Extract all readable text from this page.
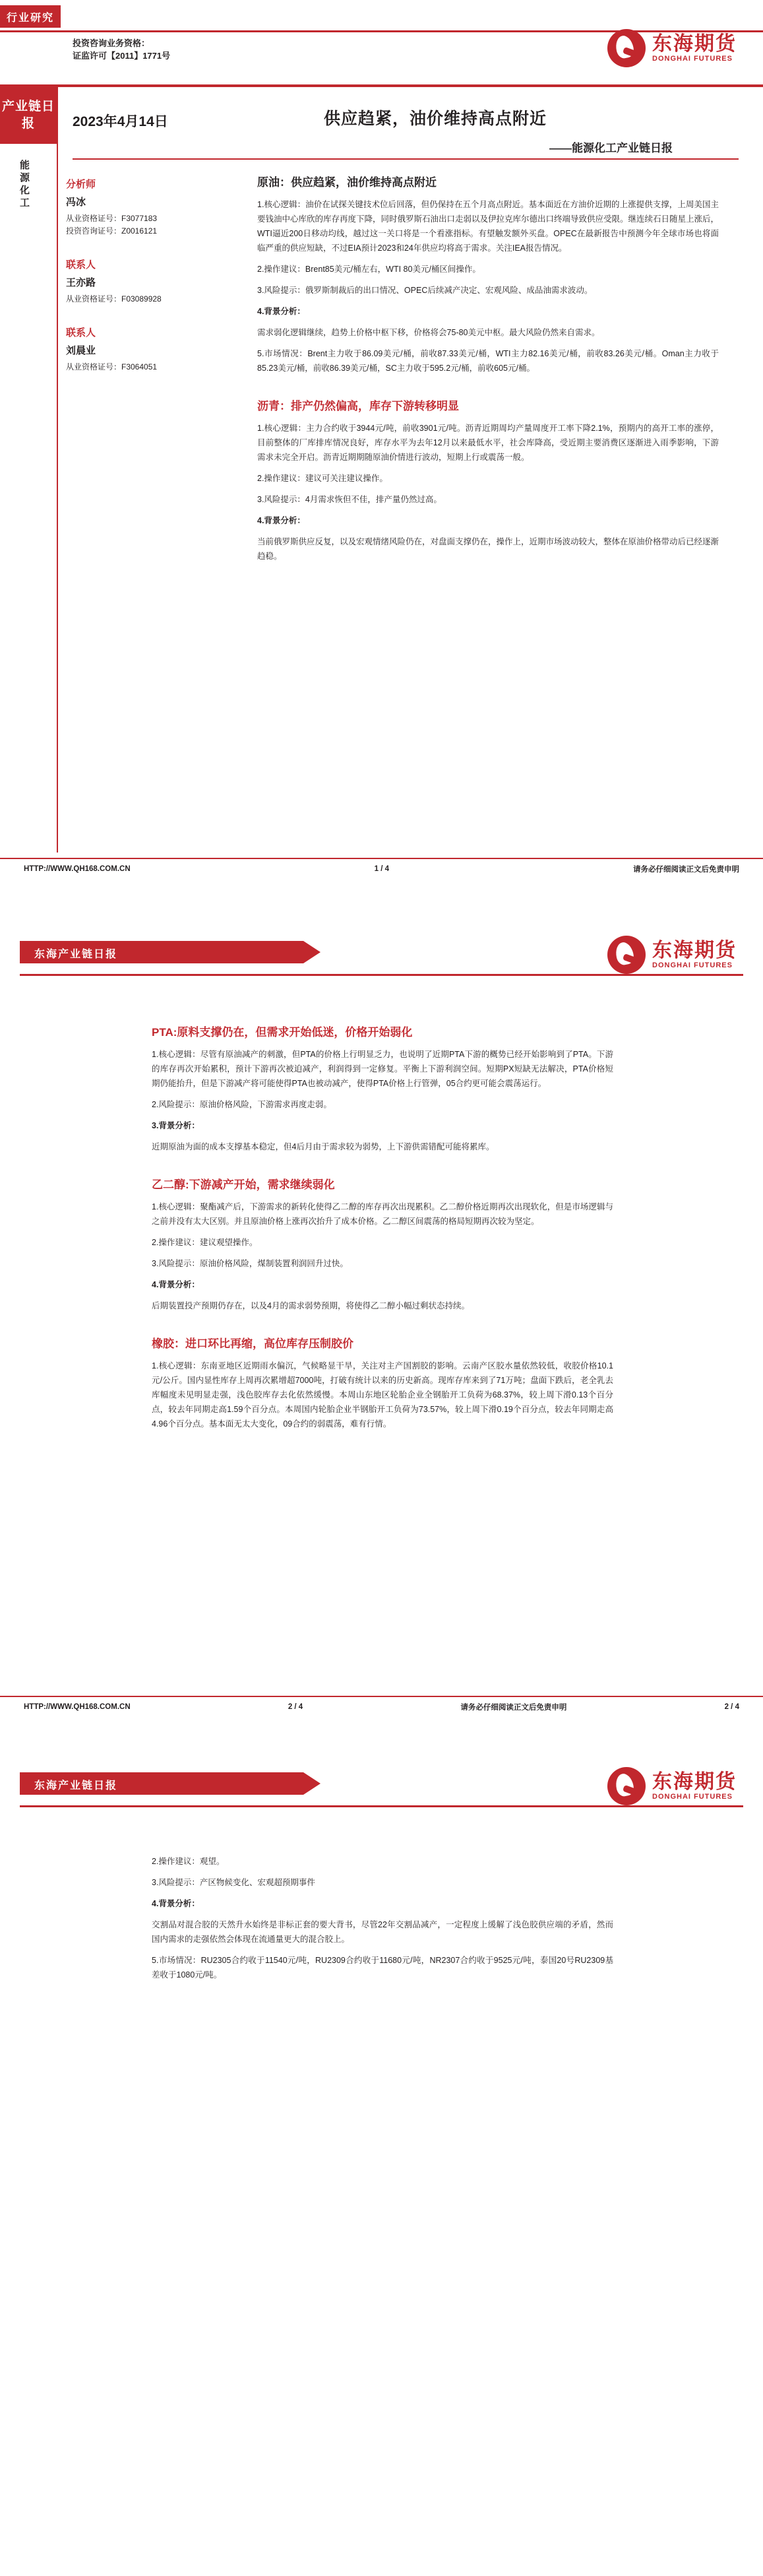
行业研究
投资咨询业务资格：
证监许可【2011】1771号
东海期货
DONGHAI FUTURES
产业链日报
能源化工
2023年4月14日	供应趋紧，油价维持高点附近
——能源化工产业链日报
分析师
冯冰
从业资格证号：F3077183
投资咨询证号：Z0016121
联系人
王亦路
从业资格证号：F03089928
联系人
刘晨业
从业资格证号：F3064051
原油：供应趋紧，油价维持高点附近

1.核心逻辑：油价在试探关键技术位后回落，但仍保持在五个月高点附近。基本面近在方油价近期的上涨提供支撑，上周美国主要钱油中心库欣的库存再度下降，同时俄罗斯石油出口走弱以及伊拉克库尔德出口终端导致供应受限。继连续石日随星上涨后，WTI逼近200日移动均线，越过这一关口将是一个看涨指标。有望触发额外买盘。OPEC在最新报告中预测今年全球市场也将面临严重的供应短缺，不过EIA预计2023和24年供应均将高于需求。关注IEA报告情况。

2.操作建议：Brent85美元/桶左右，WTI 80美元/桶区间操作。

3.风险提示：俄罗斯制裁后的出口情况、OPEC后续减产决定、宏观风险、成品油需求波动。

4.背景分析：

需求弱化逻辑继续，趋势上价格中枢下移，价格将会75-80美元中枢。最大风险仍然来自需求。

5.市场情况：Brent主力收于86.09美元/桶，前收87.33美元/桶，WTI主力82.16美元/桶，前收83.26美元/桶。Oman主力收于85.23美元/桶，前收86.39美元/桶，SC主力收于595.2元/桶，前收605元/桶。

沥青：排产仍然偏高，库存下游转移明显

1.核心逻辑：主力合约收于3944元/吨，前收3901元/吨。沥青近期周均产量周度开工率下降2.1%，预期内的高开工率的涨停，目前整体的厂库排库情况良好，库存水平为去年12月以来最低水平，社会库降高，受近期主要消费区逐渐进入雨季影响，下游需求未完全开启。沥青近期期随原油价情进行波动，短期上行或震荡一般。

2.操作建议：建议可关注建议操作。

3.风险提示：4月需求恢但不佳，排产量仍然过高。

4.背景分析：

当前俄罗斯供应反复，以及宏观情绪风险仍在，对盘面支撑仍在，操作上，近期市场波动较大，整体在原油价格带动后已经逐渐趋稳。

HTTP://WWW.QH168.COM.CN	1 / 4	请务必仔细阅读正文后免责申明
东海产业链日报	东海期货
DONGHAI FUTURES
PTA:原料支撑仍在，但需求开始低迷，价格开始弱化

1.核心逻辑：尽管有原油减产的刺激，但PTA的价格上行明显乏力，也说明了近期PTA下游的概势已经开始影响到了PTA。下游的库存再次开始累积，预计下游再次被迫减产，利润得到一定修复。平衡上下游利润空间。短期PX短缺无法解决，PTA价格短期仍能抬升，但是下游减产将可能使得PTA也被动减产，使得PTA价格上行管弹，05合约更可能会震荡运行。

2.风险提示：原油价格风险，下游需求再度走弱。

3.背景分析：

近期原油为面的成本支撑基本稳定，但4后月由于需求较为弱势，上下游供需错配可能将累库。

乙二醇:下游减产开始，需求继续弱化

1.核心逻辑：聚酯减产后，下游需求的新转化使得乙二醇的库存再次出现累积。乙二醇价格近期再次出现软化，但是市场逻辑与之前并没有太大区别。并且原油价格上涨再次抬升了成本价格。乙二醇区间震荡的格局短期再次较为坚定。

2.操作建议：建议观望操作。

3.风险提示：原油价格风险，煤制装置利润回升过快。

4.背景分析：

后期装置投产预期仍存在，以及4月的需求弱势预期，将使得乙二醇小幅过剩状态持续。

橡胶：进口环比再缩，高位库存压制胶价

1.核心逻辑：东南亚地区近期雨水偏沉，气候略显干旱，关注对主产国割胶的影响。云南产区胶水量依然较低，收胶价格10.1元/公斤。国内显性库存上周再次累增超7000吨，打破有统计以来的历史新高。现库存库来到了71万吨；盘面下跌后，老全乳去库幅度未见明显走强，浅色胶库存去化依然缓慢。本周山东地区轮胎企业全钢胎开工负荷为68.37%，较上周下滑0.13个百分点，较去年同期走高1.59个百分点。本周国内轮胎企业半钢胎开工负荷为73.57%，较上周下滑0.19个百分点，较去年同期走高4.96个百分点。基本面无太大变化，09合约的弱震荡，难有行情。

HTTP://WWW.QH168.COM.CN	2 / 4	请务必仔细阅读正文后免责申明	2 / 4
东海产业链日报	东海期货
DONGHAI FUTURES

2.操作建议：观望。

3.风险提示：产区物候变化、宏观超预期事件

4.背景分析：

交割品对混合胶的天然升水始终是非标正套的要大背书，尽管22年交割品减产，一定程度上缓解了浅色胶供应端的矛盾，然而国内需求的走强依然会体现在流通量更大的混合胶上。

5.市场情况：RU2305合约收于11540元/吨，RU2309合约收于11680元/吨，NR2307合约收于9525元/吨，泰国20号RU2309基差收于1080元/吨。
